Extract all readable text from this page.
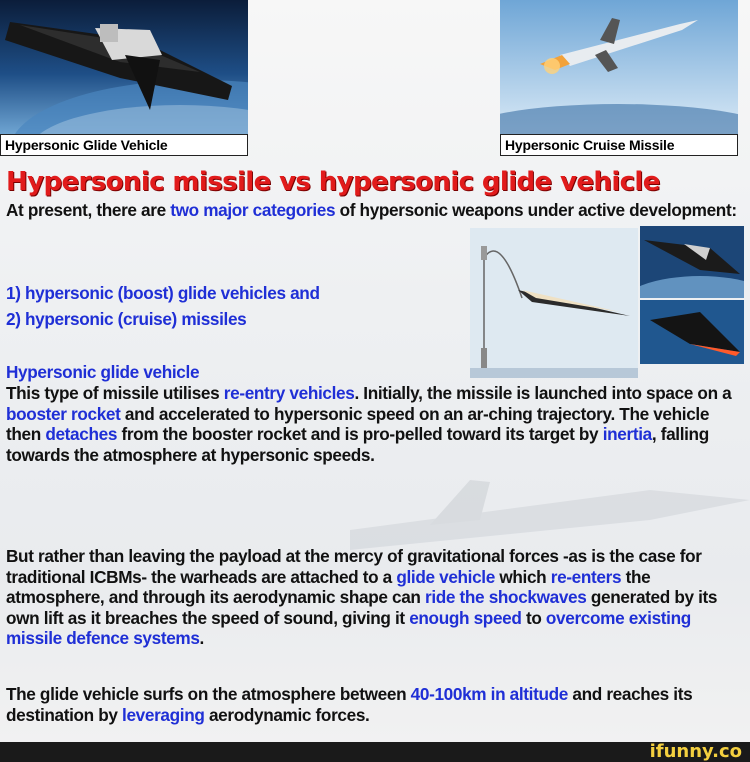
Hypersonic Glide Vehicle	Hypersonic Cruise Missile
Hypersonic missile vs hypersonic glide vehicle
At present, there are two major categories of hypersonic weapons under active development:
1) hypersonic (boost) glide vehicles and
2) hypersonic (cruise) missiles
Hypersonic glide vehicle
This type of missile utilises re-entry vehicles. Initially, the missile is launched into space on a booster rocket and accelerated to hypersonic speed on an ar-ching trajectory. The vehicle then detaches from the booster rocket and is pro-pelled toward its target by inertia, falling towards the atmosphere at hypersonic speeds.
But rather than leaving the payload at the mercy of gravitational forces -as is the case for traditional ICBMs- the warheads are attached to a glide vehicle which re-enters the atmosphere, and through its aerodynamic shape can ride the shockwaves generated by its own lift as it breaches the speed of sound, giving it enough speed to overcome existing missile defence systems.
The glide vehicle surfs on the atmosphere between 40-100km in altitude and reaches its destination by leveraging aerodynamic forces.
ifunny.co
